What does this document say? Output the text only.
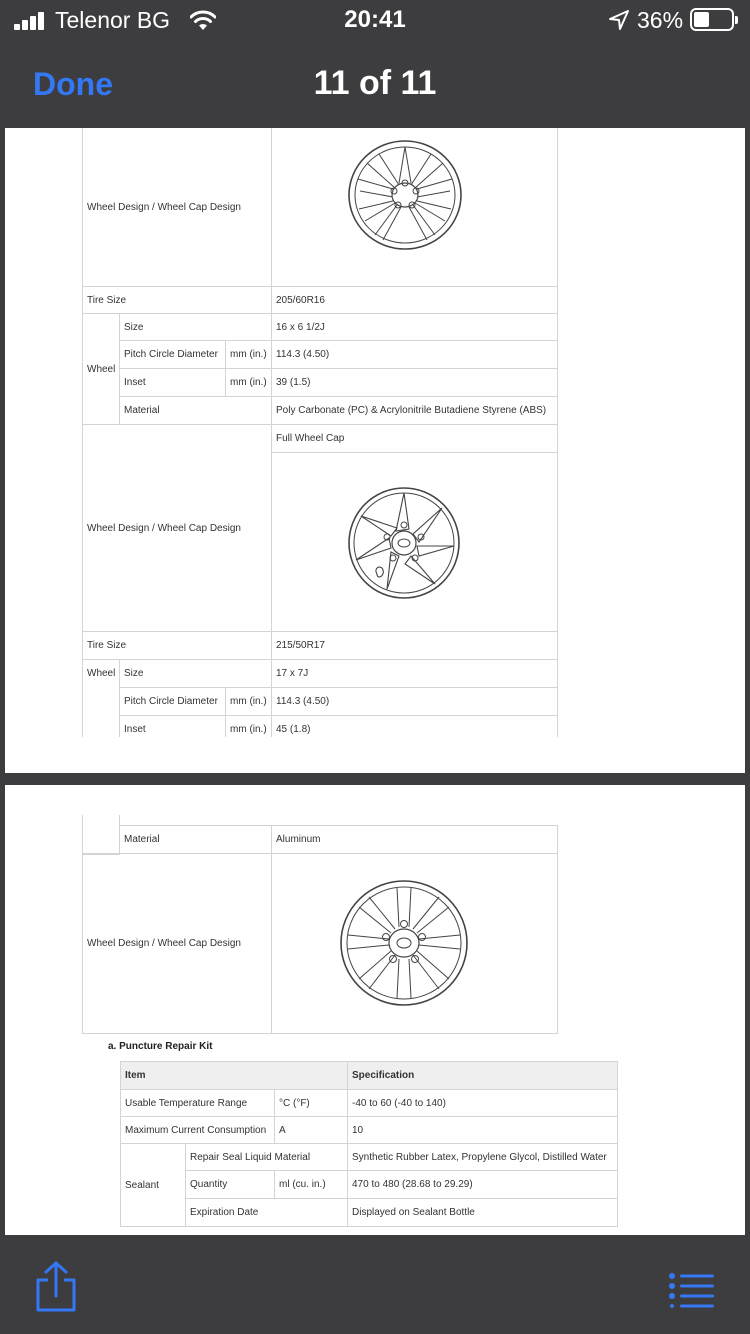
Telenor BG	20:41	36%
Done	11 of 11
Wheel Design / Wheel Cap Design
Tire Size	205/60R16
Wheel
Size	16 x 6 1/2J
Pitch Circle Diameter	mm (in.) 114.3 (4.50)
Inset	mm (in.) 39 (1.5)
Material	Poly Carbonate (PC) & Acrylonitrile Butadiene Styrene (ABS)
Wheel Design / Wheel Cap Design
Full Wheel Cap
Tire Size	215/50R17
Wheel Size	17 x 7J
Pitch Circle Diameter	mm (in.) 114.3 (4.50)
Inset	mm (in.) 45 (1.8)
Material	Aluminum
Wheel Design / Wheel Cap Design
a. Puncture Repair Kit
Item	Specification
Usable Temperature Range	°C (°F)	-40 to 60 (-40 to 140)
Maximum Current Consumption	A	10
Sealant
Repair Seal Liquid Material	Synthetic Rubber Latex, Propylene Glycol, Distilled Water
Quantity	ml (cu. in.)	470 to 480 (28.68 to 29.29)
Expiration Date	Displayed on Sealant Bottle
